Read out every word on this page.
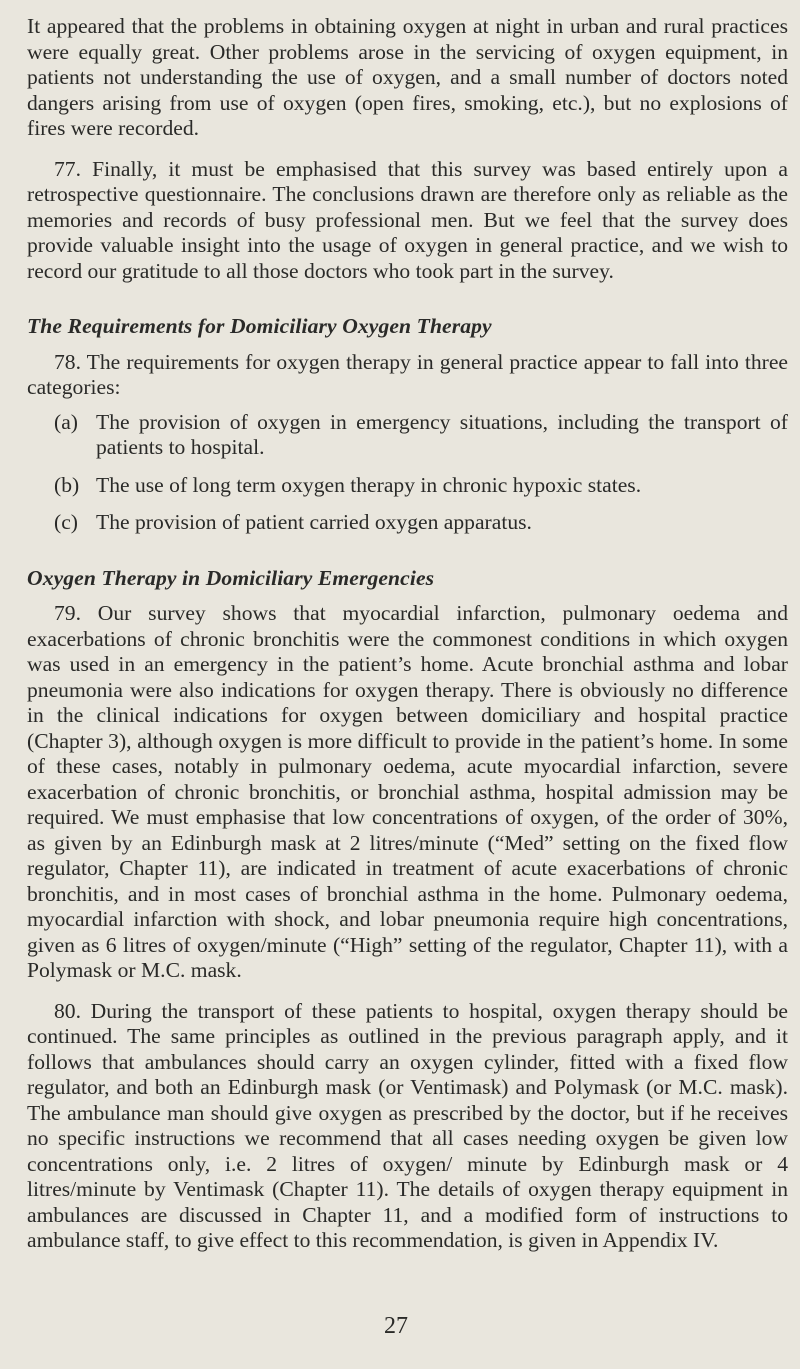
It appeared that the problems in obtaining oxygen at night in urban and rural practices were equally great. Other problems arose in the servicing of oxygen equipment, in patients not understanding the use of oxygen, and a small number of doctors noted dangers arising from use of oxygen (open fires, smoking, etc.), but no explosions of fires were recorded.

77. Finally, it must be emphasised that this survey was based entirely upon a retrospective questionnaire. The conclusions drawn are therefore only as reliable as the memories and records of busy professional men. But we feel that the survey does provide valuable insight into the usage of oxygen in general practice, and we wish to record our gratitude to all those doctors who took part in the survey.

The Requirements for Domiciliary Oxygen Therapy

78. The requirements for oxygen therapy in general practice appear to fall into three categories:

(a) The provision of oxygen in emergency situations, including the transport of patients to hospital.
(b) The use of long term oxygen therapy in chronic hypoxic states.
(c) The provision of patient carried oxygen apparatus.
Oxygen Therapy in Domiciliary Emergencies

79. Our survey shows that myocardial infarction, pulmonary oedema and exacerbations of chronic bronchitis were the commonest conditions in which oxygen was used in an emergency in the patient’s home. Acute bronchial asthma and lobar pneumonia were also indications for oxygen therapy. There is obviously no difference in the clinical indications for oxygen between domiciliary and hospital practice (Chapter 3), although oxygen is more difficult to provide in the patient’s home. In some of these cases, notably in pulmonary oedema, acute myocardial infarction, severe exacerbation of chronic bronchitis, or bronchial asthma, hospital admission may be required. We must emphasise that low concentrations of oxygen, of the order of 30%, as given by an Edinburgh mask at 2 litres/minute (“Med” setting on the fixed flow regulator, Chapter 11), are indicated in treatment of acute exacerbations of chronic bronchitis, and in most cases of bronchial asthma in the home. Pulmonary oedema, myocardial infarction with shock, and lobar pneumonia require high concentrations, given as 6 litres of oxygen/minute (“High” setting of the regulator, Chapter 11), with a Polymask or M.C. mask.

80. During the transport of these patients to hospital, oxygen therapy should be continued. The same principles as outlined in the previous paragraph apply, and it follows that ambulances should carry an oxygen cylinder, fitted with a fixed flow regulator, and both an Edinburgh mask (or Ventimask) and Polymask (or M.C. mask). The ambulance man should give oxygen as prescribed by the doctor, but if he receives no specific instructions we recommend that all cases needing oxygen be given low concentrations only, i.e. 2 litres of oxygen/ minute by Edinburgh mask or 4 litres/minute by Ventimask (Chapter 11). The details of oxygen therapy equipment in ambulances are discussed in Chapter 11, and a modified form of instructions to ambulance staff, to give effect to this recommendation, is given in Appendix IV.

27
